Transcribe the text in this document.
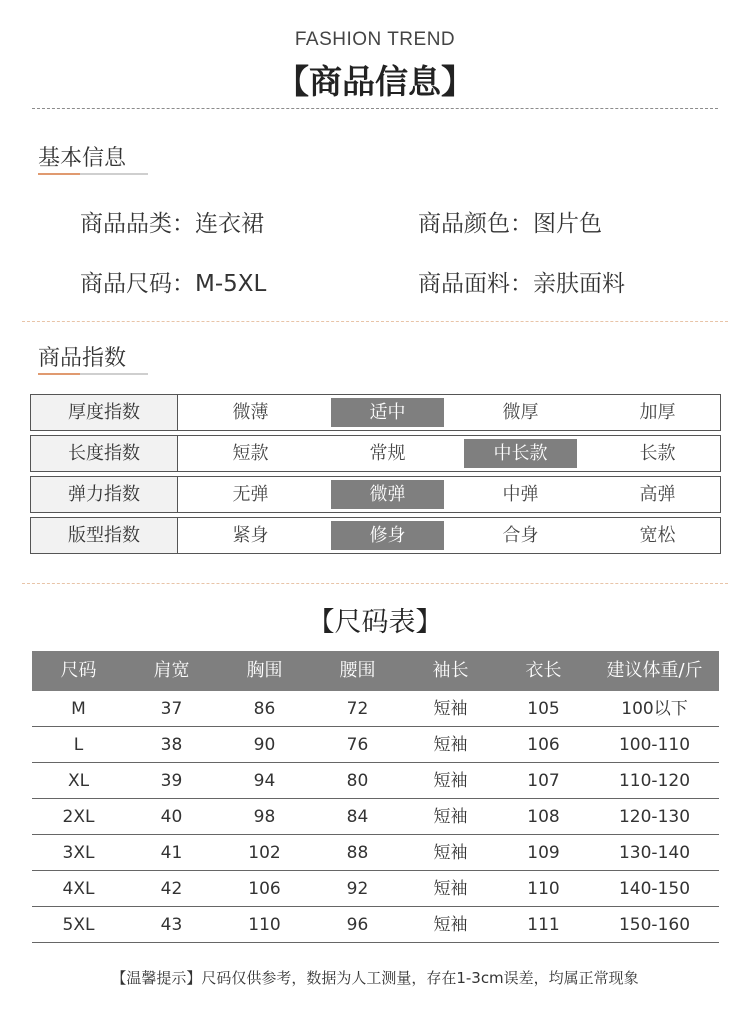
FASHION TREND
【商品信息】
基本信息
商品品类：连衣裙	商品颜色：图片色
商品尺码：M-5XL	商品面料：亲肤面料
商品指数
厚度指数	微薄	适中	微厚	加厚
长度指数	短款	常规	中长款	长款
弹力指数	无弹	微弹	中弹	高弹
版型指数	紧身	修身	合身	宽松
【尺码表】
尺码	肩宽	胸围	腰围	袖长	衣长	建议体重/斤
M	37	86	72	短袖	105	100以下
L	38	90	76	短袖	106	100-110
XL	39	94	80	短袖	107	110-120
2XL	40	98	84	短袖	108	120-130
3XL	41	102	88	短袖	109	130-140
4XL	42	106	92	短袖	110	140-150
5XL	43	110	96	短袖	111	150-160
【温馨提示】尺码仅供参考，数据为人工测量，存在1-3cm误差，均属正常现象
